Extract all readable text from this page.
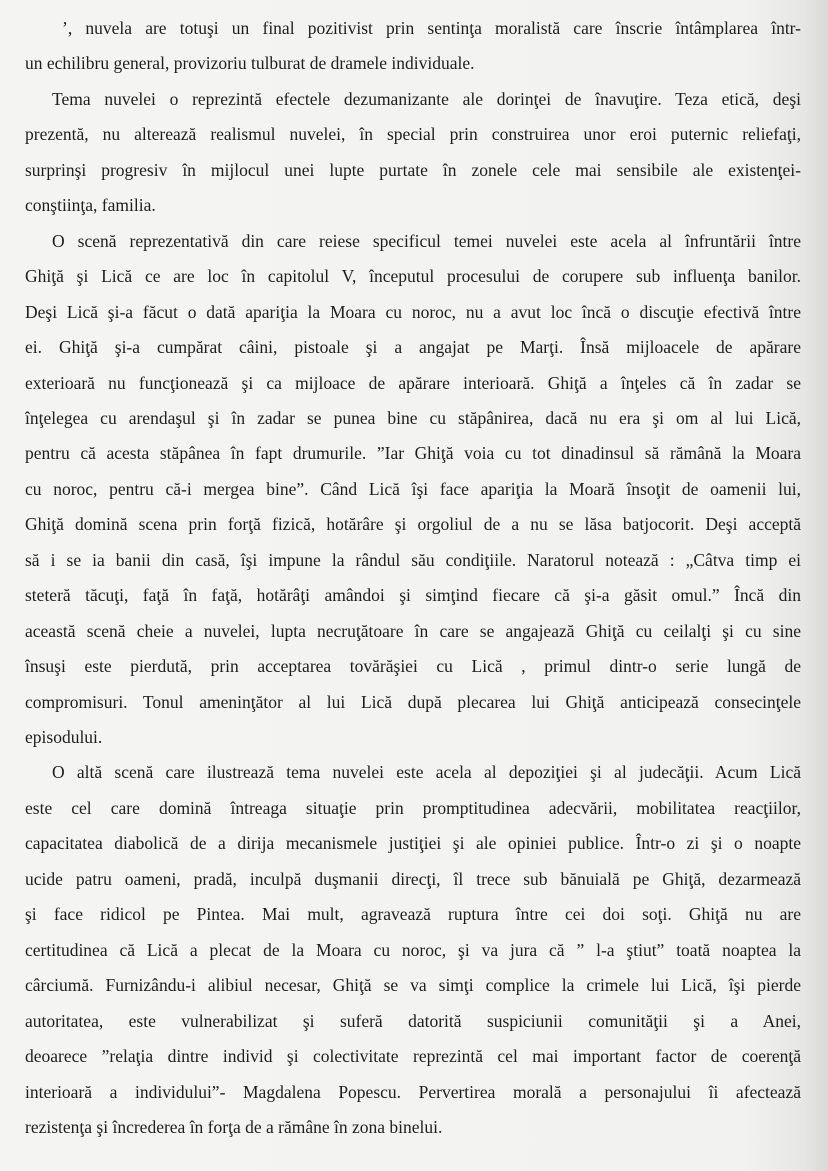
’, nuvela are totuşi un final pozitivist prin sentinţa moralistă care înscrie întâmplarea într-
un echilibru general, provizoriu tulburat de dramele individuale.
Tema nuvelei o reprezintă efectele dezumanizante ale dorinţei de înavuţire. Teza etică, deşi
prezentă, nu alterează realismul nuvelei, în special prin construirea unor eroi puternic reliefaţi,
surprinşi progresiv în mijlocul unei lupte purtate în zonele cele mai sensibile ale existenţei-
conştiinţa, familia.
O scenă reprezentativă din care reiese specificul temei nuvelei este acela al înfruntării între
Ghiţă şi Lică ce are loc în capitolul V, începutul procesului de corupere sub influenţa banilor.
Deşi Lică şi-a făcut o dată apariţia la Moara cu noroc, nu a avut loc încă o discuţie efectivă între
ei. Ghiţă şi-a cumpărat câini, pistoale şi a angajat pe Marţi. Însă mijloacele de apărare
exterioară nu funcţionează şi ca mijloace de apărare interioară. Ghiţă a înţeles că în zadar se
înţelegea cu arendaşul şi în zadar se punea bine cu stăpânirea, dacă nu era şi om al lui Lică,
pentru că acesta stăpânea în fapt drumurile. ”Iar Ghiţă voia cu tot dinadinsul să rămână la Moara
cu noroc, pentru că-i mergea bine”. Când Lică îşi face apariţia la Moară însoţit de oamenii lui,
Ghiţă domină scena prin forţă fizică, hotărâre şi orgoliul de a nu se lăsa batjocorit. Deşi acceptă
să i se ia banii din casă, îşi impune la rândul său condiţiile. Naratorul notează : „Câtva timp ei
steteră tăcuţi, faţă în faţă, hotărâţi amândoi şi simţind fiecare că şi-a găsit omul.” Încă din
această scenă cheie a nuvelei, lupta necruţătoare în care se angajează Ghiţă cu ceilalţi şi cu sine
însuşi este pierdută, prin acceptarea tovărăşiei cu Lică , primul dintr-o serie lungă de
compromisuri. Tonul ameninţător al lui Lică după plecarea lui Ghiţă anticipează consecinţele
episodului.
O altă scenă care ilustrează tema nuvelei este acela al depoziţiei şi al judecăţii. Acum Lică
este cel care domină întreaga situaţie prin promptitudinea adecvării, mobilitatea reacţiilor,
capacitatea diabolică de a dirija mecanismele justiţiei şi ale opiniei publice. Într-o zi şi o noapte
ucide patru oameni, pradă, inculpă duşmanii direcţi, îl trece sub bănuială pe Ghiţă, dezarmează
şi face ridicol pe Pintea. Mai mult, agravează ruptura între cei doi soţi. Ghiţă nu are
certitudinea că Lică a plecat de la Moara cu noroc, şi va jura că ” l-a ştiut” toată noaptea la
cârciumă. Furnizându-i alibiul necesar, Ghiţă se va simţi complice la crimele lui Lică, îşi pierde
autoritatea, este vulnerabilizat şi suferă datorită suspiciunii comunităţii şi a Anei,
deoarece ”relaţia dintre individ şi colectivitate reprezintă cel mai important factor de coerenţă
interioară a individului”- Magdalena Popescu. Pervertirea morală a personajului îi afectează
rezistenţa şi încrederea în forţa de a rămâne în zona binelui.
